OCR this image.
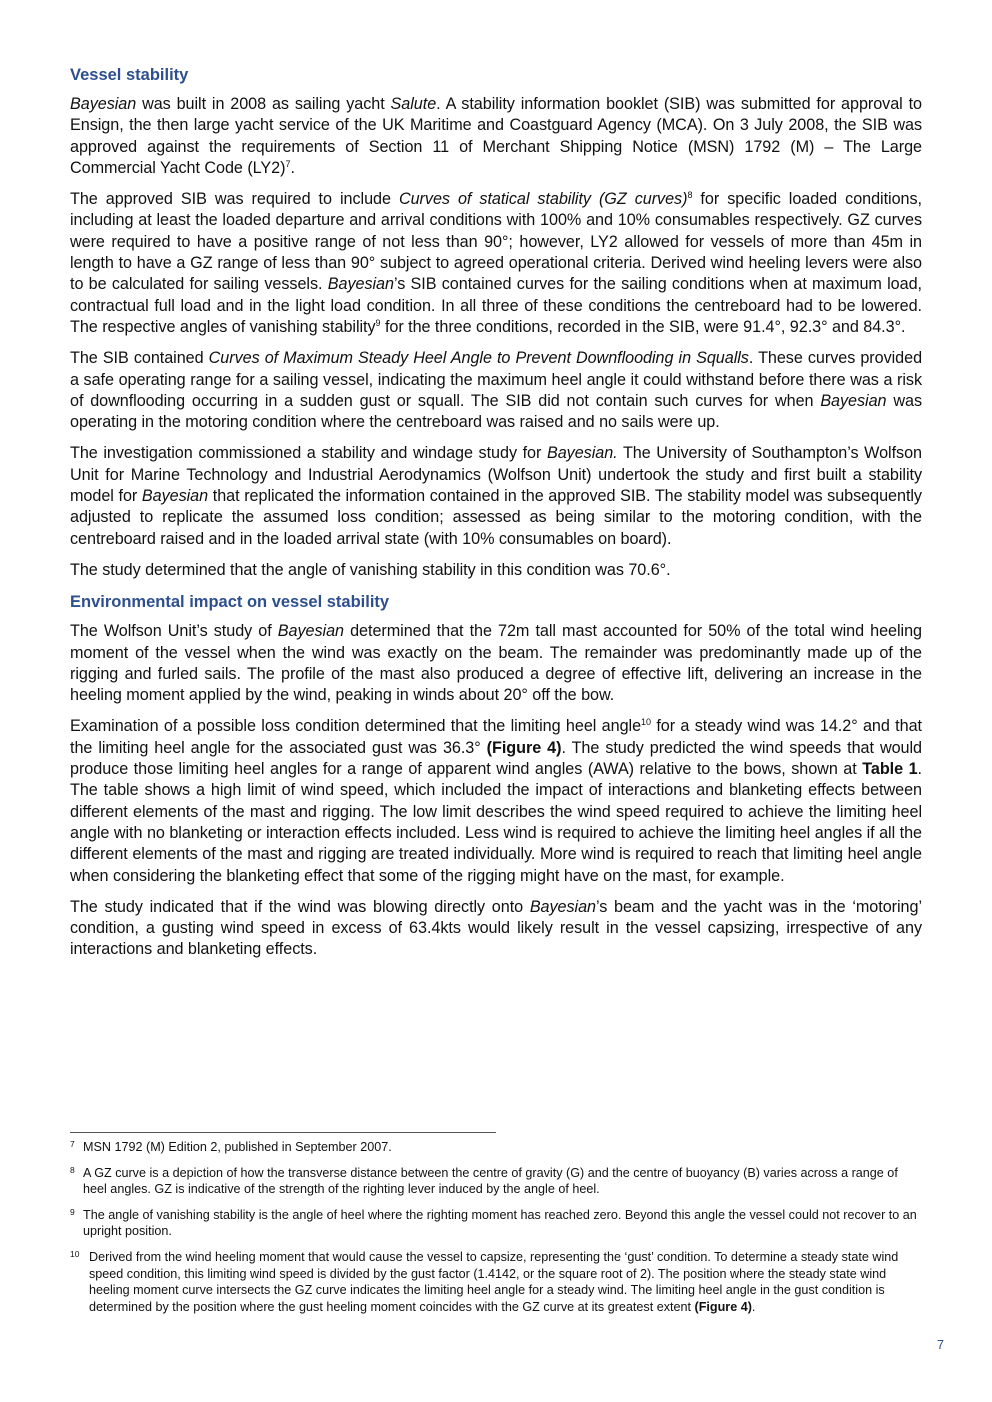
Vessel stability

Bayesian was built in 2008 as sailing yacht Salute. A stability information booklet (SIB) was submitted for approval to Ensign, the then large yacht service of the UK Maritime and Coastguard Agency (MCA). On 3 July 2008, the SIB was approved against the requirements of Section 11 of Merchant Shipping Notice (MSN) 1792 (M) – The Large Commercial Yacht Code $(LY2)^7$.

The approved SIB was required to include Curves of statical stability (GZ curves)$^8$ for specific loaded conditions, including at least the loaded departure and arrival conditions with 100% and 10% consumables respectively. GZ curves were required to have a positive range of not less than 90°; however, LY2 allowed for vessels of more than 45m in length to have a GZ range of less than 90° subject to agreed operational criteria. Derived wind heeling levers were also to be calculated for sailing vessels. Bayesian’s SIB contained curves for the sailing conditions when at maximum load, contractual full load and in the light load condition. In all three of these conditions the centreboard had to be lowered. The respective angles of vanishing stability$^9$ for the three conditions, recorded in the SIB, were 91.4°, 92.3° and 84.3°.

The SIB contained Curves of Maximum Steady Heel Angle to Prevent Downflooding in Squalls. These curves provided a safe operating range for a sailing vessel, indicating the maximum heel angle it could withstand before there was a risk of downflooding occurring in a sudden gust or squall. The SIB did not contain such curves for when Bayesian was operating in the motoring condition where the centreboard was raised and no sails were up.

The investigation commissioned a stability and windage study for Bayesian. The University of Southampton’s Wolfson Unit for Marine Technology and Industrial Aerodynamics (Wolfson Unit) undertook the study and first built a stability model for Bayesian that replicated the information contained in the approved SIB. The stability model was subsequently adjusted to replicate the assumed loss condition; assessed as being similar to the motoring condition, with the centreboard raised and in the loaded arrival state (with 10% consumables on board).

The study determined that the angle of vanishing stability in this condition was 70.6°.

Environmental impact on vessel stability

The Wolfson Unit’s study of Bayesian determined that the 72m tall mast accounted for 50% of the total wind heeling moment of the vessel when the wind was exactly on the beam. The remainder was predominantly made up of the rigging and furled sails. The profile of the mast also produced a degree of effective lift, delivering an increase in the heeling moment applied by the wind, peaking in winds about 20° off the bow.

Examination of a possible loss condition determined that the limiting heel angle$^{10}$ for a steady wind was 14.2° and that the limiting heel angle for the associated gust was 36.3° (Figure 4). The study predicted the wind speeds that would produce those limiting heel angles for a range of apparent wind angles (AWA) relative to the bows, shown at Table 1. The table shows a high limit of wind speed, which included the impact of interactions and blanketing effects between different elements of the mast and rigging. The low limit describes the wind speed required to achieve the limiting heel angle with no blanketing or interaction effects included. Less wind is required to achieve the limiting heel angles if all the different elements of the mast and rigging are treated individually. More wind is required to reach that limiting heel angle when considering the blanketing effect that some of the rigging might have on the mast, for example.

The study indicated that if the wind was blowing directly onto Bayesian’s beam and the yacht was in the ‘motoring’ condition, a gusting wind speed in excess of 63.4kts would likely result in the vessel capsizing, irrespective of any interactions and blanketing effects.

7 MSN 1792 (M) Edition 2, published in September 2007.
8 A GZ curve is a depiction of how the transverse distance between the centre of gravity (G) and the centre of buoyancy (B) varies across a range of heel angles. GZ is indicative of the strength of the righting lever induced by the angle of heel.
9 The angle of vanishing stability is the angle of heel where the righting moment has reached zero. Beyond this angle the vessel could not recover to an upright position.
10 Derived from the wind heeling moment that would cause the vessel to capsize, representing the ‘gust’ condition. To determine a steady state wind speed condition, this limiting wind speed is divided by the gust factor (1.4142, or the square root of 2). The position where the steady state wind heeling moment curve intersects the GZ curve indicates the limiting heel angle for a steady wind. The limiting heel angle in the gust condition is determined by the position where the gust heeling moment coincides with the GZ curve at its greatest extent (Figure 4).
7
